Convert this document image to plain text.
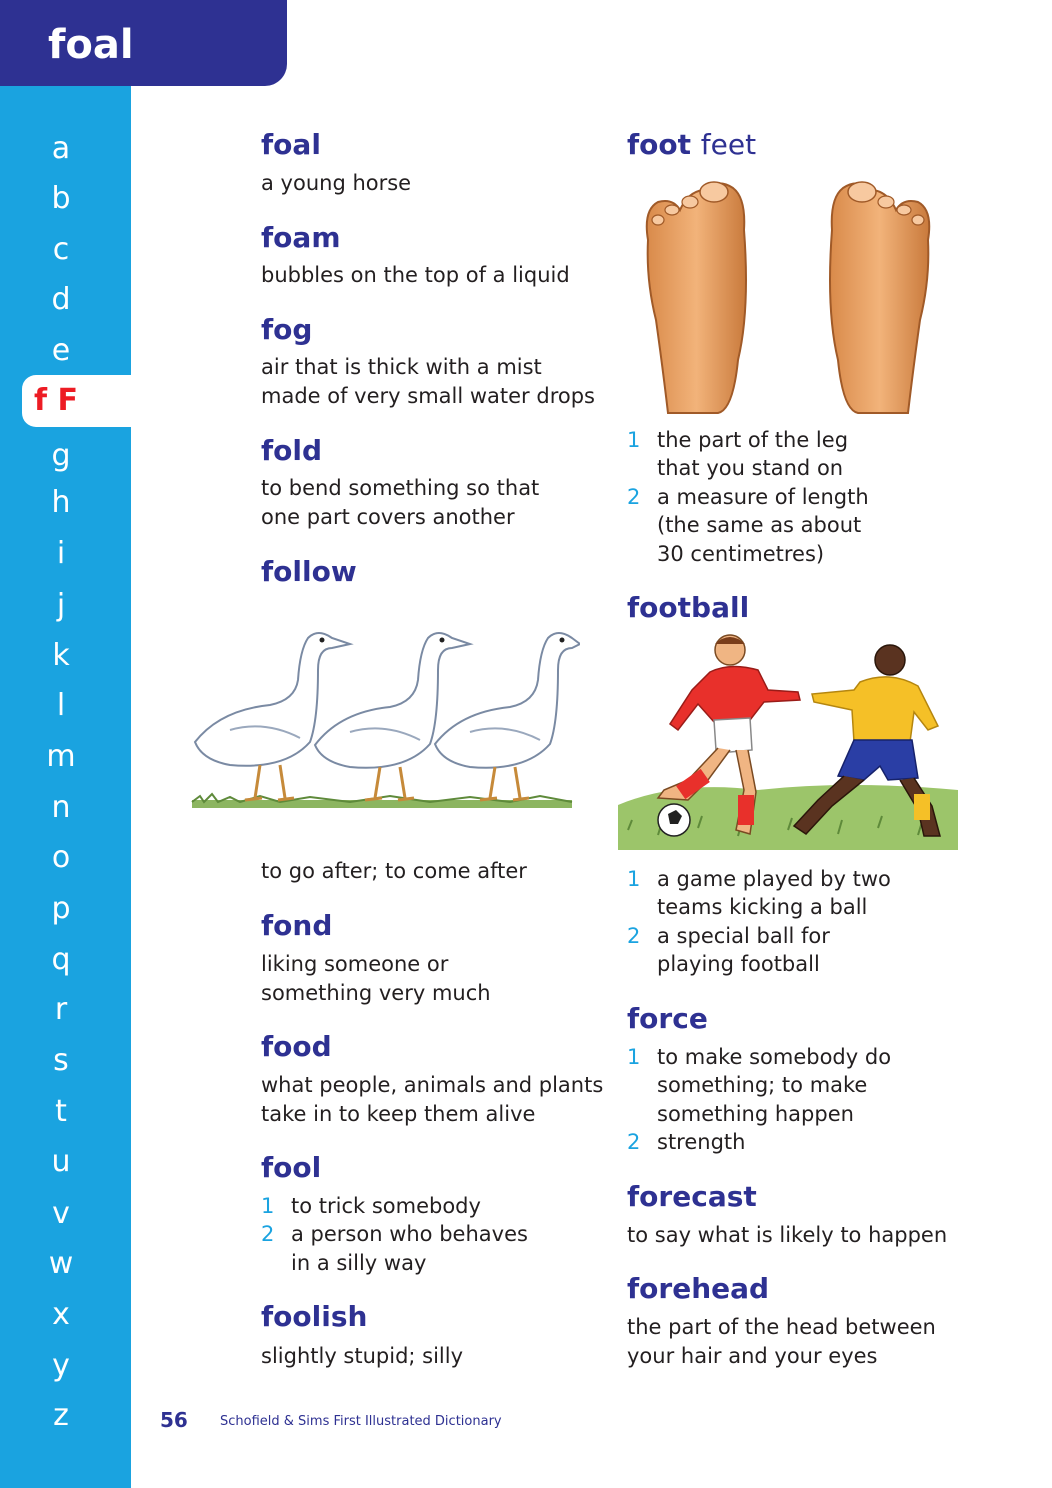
foal
a
b
c
d
e
g
h
i
j
k
l
m
n
o
p
q
r
s
t
u
v
w
x
y
z
f F
foal
a young horse
foam
bubbles on the top of a liquid
fog
air that is thick with a mist
made of very small water drops
fold
to bend something so that
one part covers another
follow
to go after; to come after
fond
liking someone or
something very much
food
what people, animals and plants
take in to keep them alive
fool
1 to trick somebody
2 a person who behaves
in a silly way
foolish
slightly stupid; silly
foot feet
1 the part of the leg
that you stand on
2 a measure of length
(the same as about
30 centimetres)
football
1 a game played by two
teams kicking a ball
2 a special ball for
playing football
force
1 to make somebody do
something; to make
something happen
2 strength
forecast
to say what is likely to happen
forehead
the part of the head between
your hair and your eyes
56 Schofield & Sims First Illustrated Dictionary
